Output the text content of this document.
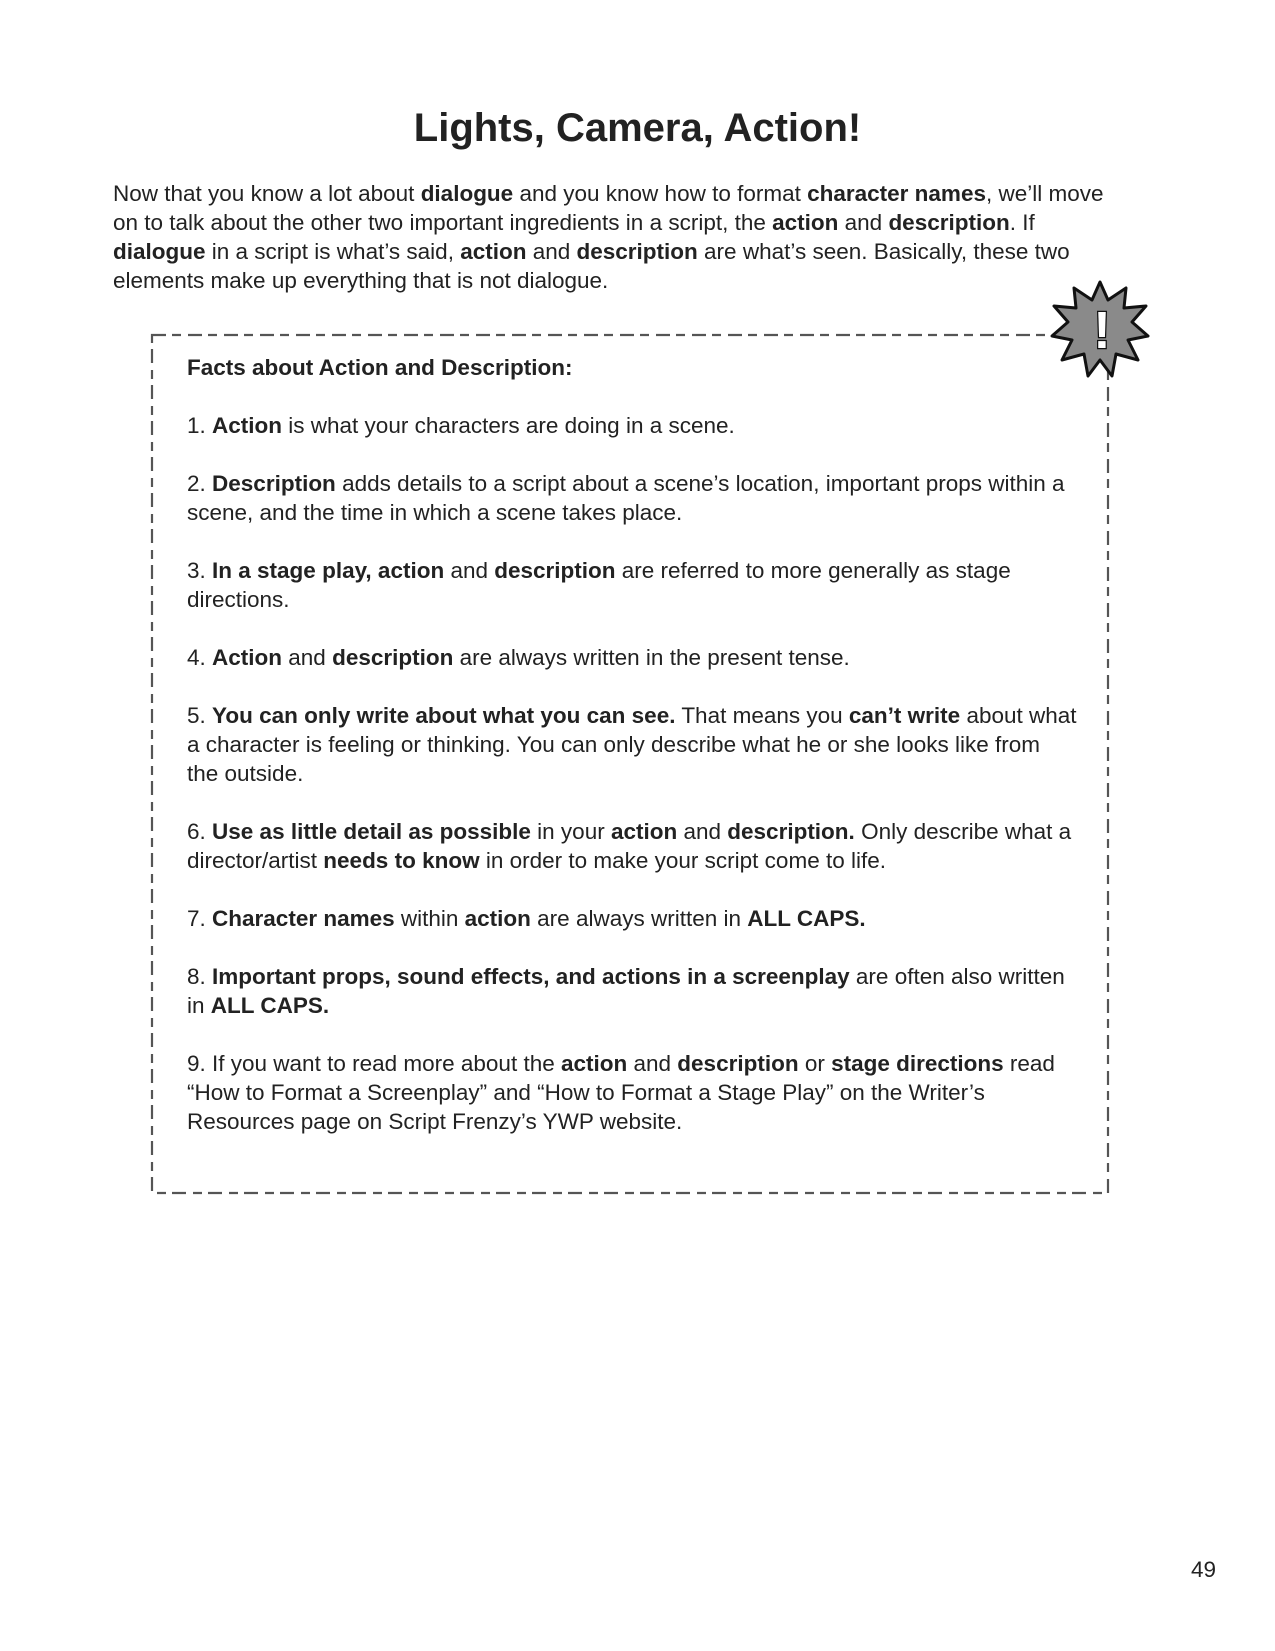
Lights, Camera, Action!

Now that you know a lot about dialogue and you know how to format character names, we’ll move on to talk about the other two important ingredients in a script, the action and description. If dialogue in a script is what’s said, action and description are what’s seen. Basically, these two elements make up everything that is not dialogue.

Facts about Action and Description:

1. Action is what your characters are doing in a scene.

2. Description adds details to a script about a scene’s location, important props within a scene, and the time in which a scene takes place.

3. In a stage play, action and description are referred to more generally as stage directions.

4. Action and description are always written in the present tense.

5. You can only write about what you can see. That means you can’t write about what a character is feeling or thinking. You can only describe what he or she looks like from the outside.

6. Use as little detail as possible in your action and description. Only describe what a director/artist needs to know in order to make your script come to life.

7. Character names within action are always written in ALL CAPS.

8. Important props, sound effects, and actions in a screenplay are often also written in ALL CAPS.

9. If you want to read more about the action and description or stage directions read “How to Format a Screenplay” and “How to Format a Stage Play” on the Writer’s Resources page on Script Frenzy’s YWP website.

!

49
